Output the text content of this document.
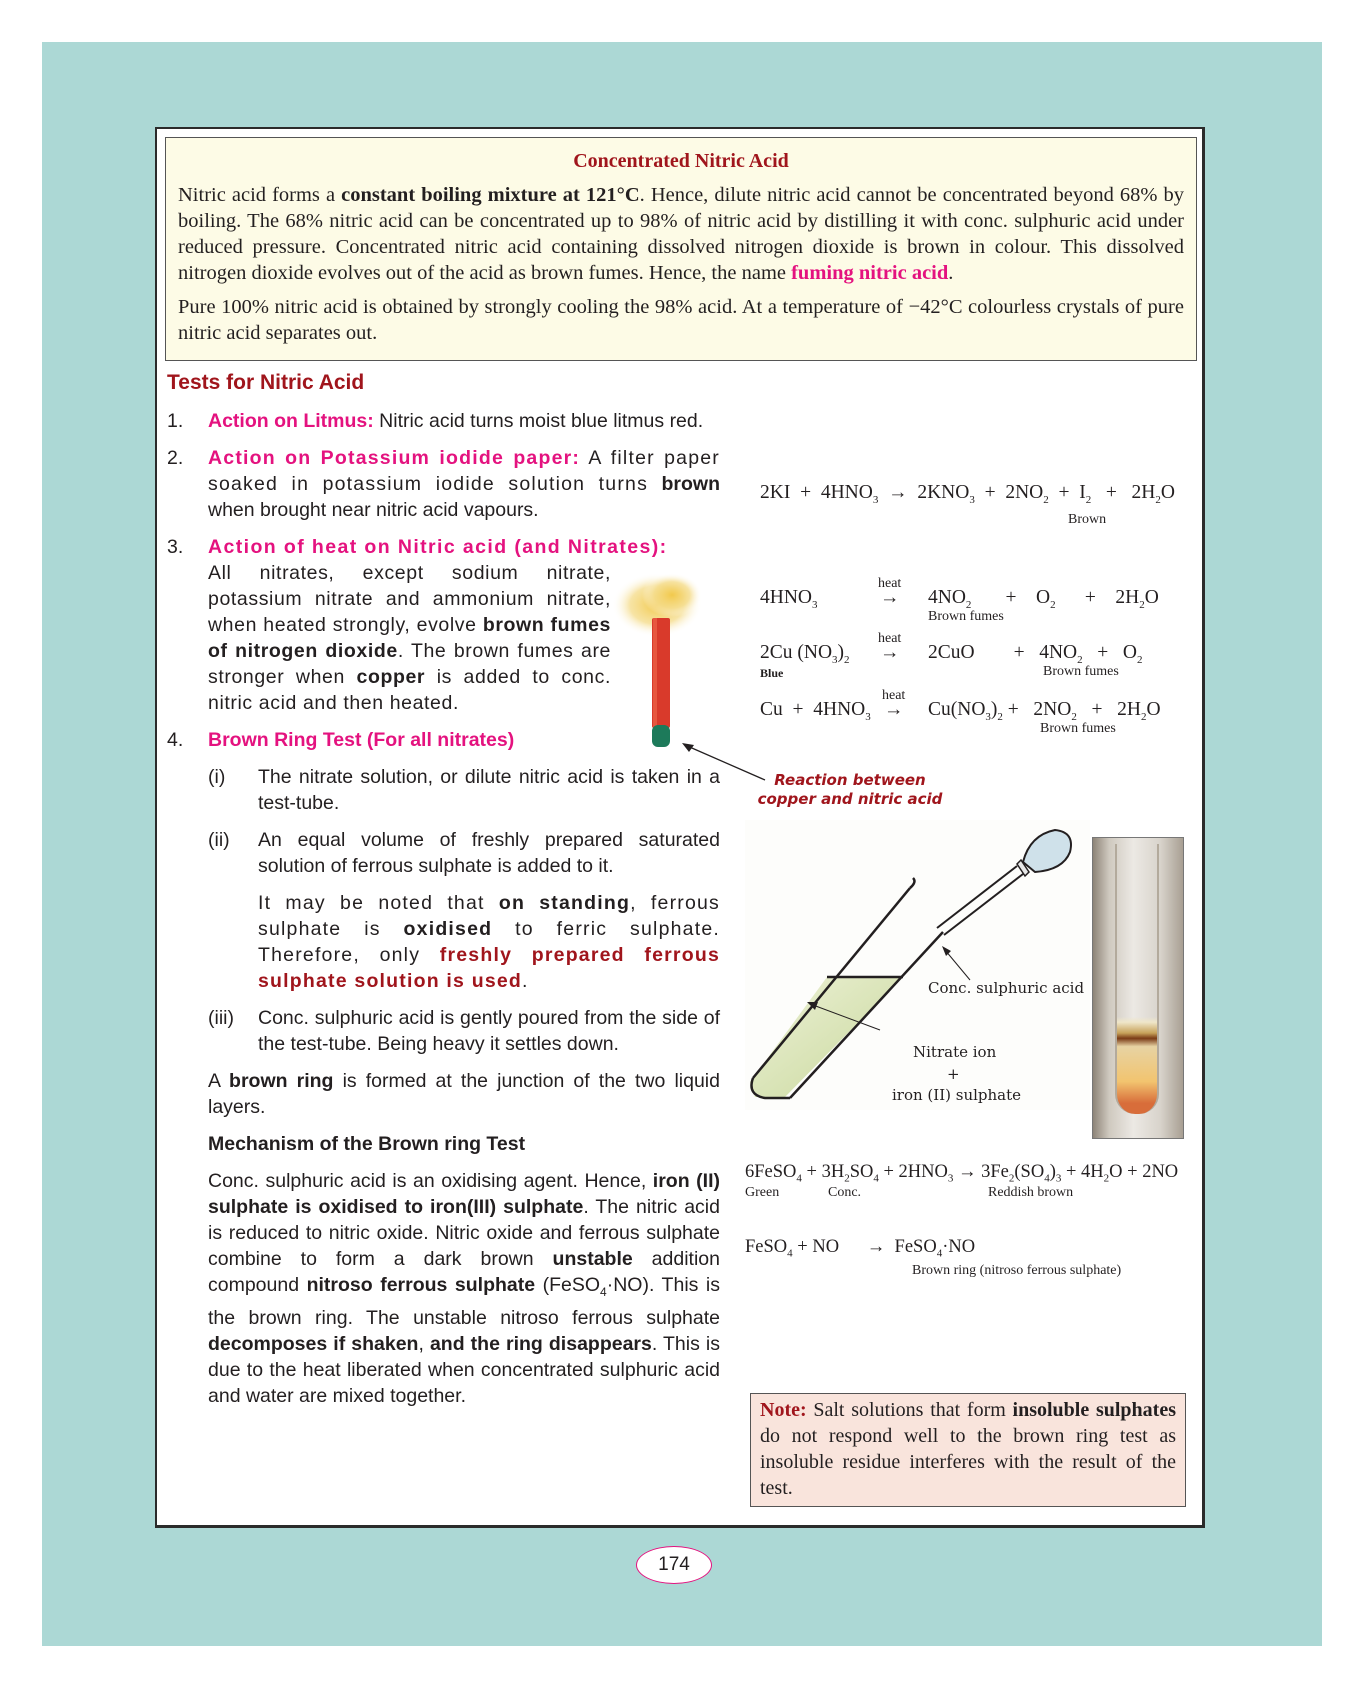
Concentrated Nitric Acid

Nitric acid forms a constant boiling mixture at 121°C. Hence, dilute nitric acid cannot be concentrated beyond 68% by boiling. The 68% nitric acid can be concentrated up to 98% of nitric acid by distilling it with conc. sulphuric acid under reduced pressure. Concentrated nitric acid containing dissolved nitrogen dioxide is brown in colour. This dissolved nitrogen dioxide evolves out of the acid as brown fumes. Hence, the name fuming nitric acid.

Pure 100% nitric acid is obtained by strongly cooling the 98% acid. At a temperature of −42°C colourless crystals of pure nitric acid separates out.

Tests for Nitric Acid
1. Action on Litmus: Nitric acid turns moist blue litmus red.
2. Action on Potassium iodide paper: A filter paper soaked in potassium iodide solution turns brown when brought near nitric acid vapours.
3. Action of heat on Nitric acid (and Nitrates):
All nitrates, except sodium nitrate, potassium nitrate and ammonium nitrate, when heated strongly, evolve brown fumes of nitrogen dioxide. The brown fumes are stronger when copper is added to conc. nitric acid and then heated.
4. Brown Ring Test (For all nitrates)
(i) The nitrate solution, or dilute nitric acid is taken in a test-tube.
(ii) An equal volume of freshly prepared saturated solution of ferrous sulphate is added to it.
It may be noted that on standing, ferrous sulphate is oxidised to ferric sulphate. Therefore, only freshly prepared ferrous sulphate solution is used.
(iii) Conc. sulphuric acid is gently poured from the side of the test-tube. Being heavy it settles down.
A brown ring is formed at the junction of the two liquid layers.
Mechanism of the Brown ring Test
Conc. sulphuric acid is an oxidising agent. Hence, iron (II) sulphate is oxidised to iron(III) sulphate. The nitric acid is reduced to nitric oxide. Nitric oxide and ferrous sulphate combine to form a dark brown unstable addition compound nitroso ferrous sulphate (FeSO$_4$·NO). This is the brown ring. The unstable nitroso ferrous sulphate decomposes if shaken, and the ring disappears. This is due to the heat liberated when concentrated sulphuric acid and water are mixed together.
$2KI + 4HNO_3 \to 2KNO_3 + 2NO_2 + I_2 + 2H_2O$
Brown
heat
$4HNO_3$	→ $4NO_2$       +    $O_2$      +    $2H_2O$
Brown fumes
heat
2Cu $(NO_3)_2 \to 2CuO$        +   $4NO_2 + O_2$
Blue	Brown fumes
heat
$Cu + 4HNO_3 \to Cu(NO_3)_2 + 2NO_2 + 2H_2O$
Brown fumes
Reaction between copper and nitric acid
Conc. sulphuric acid
Nitrate ion
+
iron (II) sulphate
6FeSO$_4$ + $3H_2SO_4 + 2HNO_3 \to 3Fe_2(SO_4)_3 + 4H_2O + 2NO$
Green	Conc.	Reddish brown
FeSO$_4$ + NO      →  FeSO$_4$·NO
Brown ring (nitroso ferrous sulphate)
Note: Salt solutions that form insoluble sulphates do not respond well to the brown ring test as insoluble residue interferes with the result of the test.
174
